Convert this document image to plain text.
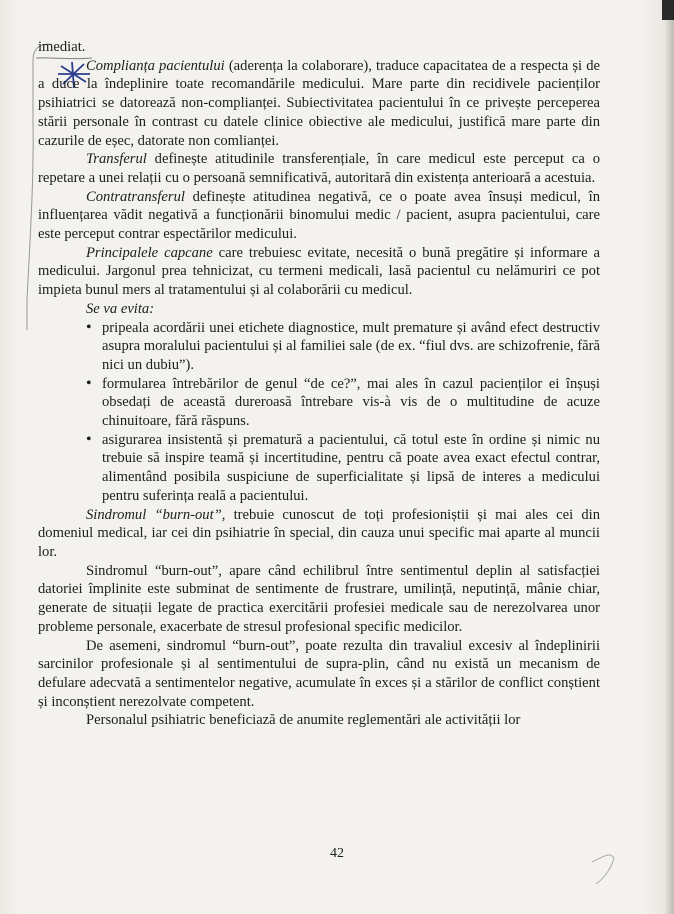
imediat.

Complianța pacientului (aderența la colaborare), traduce capacitatea de a respecta și de a duce la îndeplinire toate recomandările medicului. Mare parte din recidivele pacienților psihiatrici se datorează non-complianței. Subiectivitatea pacientului în ce privește perceperea stării personale în contrast cu datele clinice obiective ale medicului, justifică mare parte din cazurile de eșec, datorate non comlianței.

Transferul definește atitudinile transferențiale, în care medicul este perceput ca o repetare a unei relații cu o persoană semnificativă, autoritară din existența anterioară a acestuia.

Contratransferul definește atitudinea negativă, ce o poate avea însuși medicul, în influențarea vădit negativă a funcționării binomului medic / pacient, asupra pacientului, care este perceput contrar espectărilor medicului.

Principalele capcane care trebuiesc evitate, necesită o bună pregătire și informare a medicului. Jargonul prea tehnicizat, cu termeni medicali, lasă pacientul cu nelămuriri ce pot impieta bunul mers al tratamentului și al colaborării cu medicul.

Se va evita:

• pripeala acordării unei etichete diagnostice, mult premature și având efect destructiv asupra moralului pacientului și al familiei sale (de ex. “fiul dvs. are schizofrenie, fără nici un dubiu”).
• formularea întrebărilor de genul “de ce?”, mai ales în cazul pacienților ei înșuși obsedați de această dureroasă întrebare vis-à vis de o multitudine de acuze chinuitoare, fără răspuns.
• asigurarea insistentă și prematură a pacientului, că totul este în ordine și nimic nu trebuie să inspire teamă și incertitudine, pentru că poate avea exact efectul contrar, alimentând posibila suspiciune de superficialitate și lipsă de interes a medicului pentru suferința reală a pacientului.

Sindromul “burn-out”, trebuie cunoscut de toți profesioniștii și mai ales cei din domeniul medical, iar cei din psihiatrie în special, din cauza unui specific mai aparte al muncii lor.

Sindromul “burn-out”, apare când echilibrul între sentimentul deplin al satisfacției datoriei împlinite este subminat de sentimente de frustrare, umilință, neputință, mânie chiar, generate de situații legate de practica exercitării profesiei medicale sau de nerezolvarea unor probleme personale, exacerbate de stresul profesional specific medicilor.

De asemeni, sindromul “burn-out”, poate rezulta din travaliul excesiv al îndeplinirii sarcinilor profesionale și al sentimentului de supra-plin, când nu există un mecanism de defulare adecvată a sentimentelor negative, acumulate în exces și a stărilor de conflict conștient și inconștient nerezolvate competent.

Personalul psihiatric beneficiază de anumite reglementări ale activității lor

42
